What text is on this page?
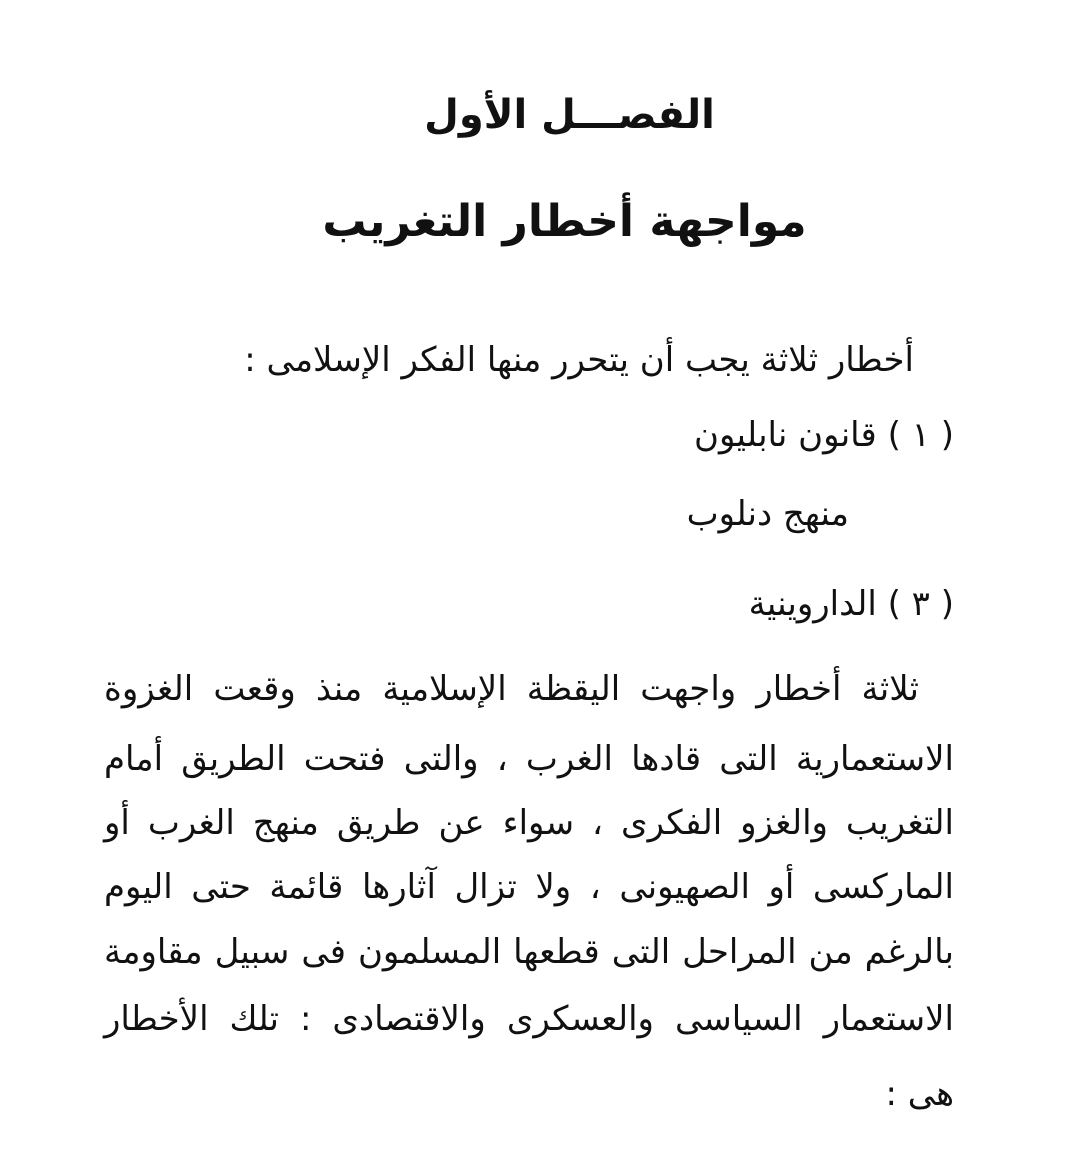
الفصـــل الأول
مواجهة أخطار التغريب
أخطار ثلاثة يجب أن يتحرر منها الفكر الإسلامى :
( ١ ) قانون نابليون
منهج دنلوب
( ٣ ) الداروينية
ثلاثة أخطار واجهت اليقظة الإسلامية منذ وقعت الغزوة
الاستعمارية التى قادها الغرب ، والتى فتحت الطريق أمام
التغريب والغزو الفكرى ، سواء عن طريق منهج الغرب أو
الماركسى أو الصهيونى ، ولا تزال آثارها قائمة حتى اليوم
بالرغم من المراحل التى قطعها المسلمون فى سبيل مقاومة
الاستعمار السياسى والعسكرى والاقتصادى : تلك الأخطار
هى :
